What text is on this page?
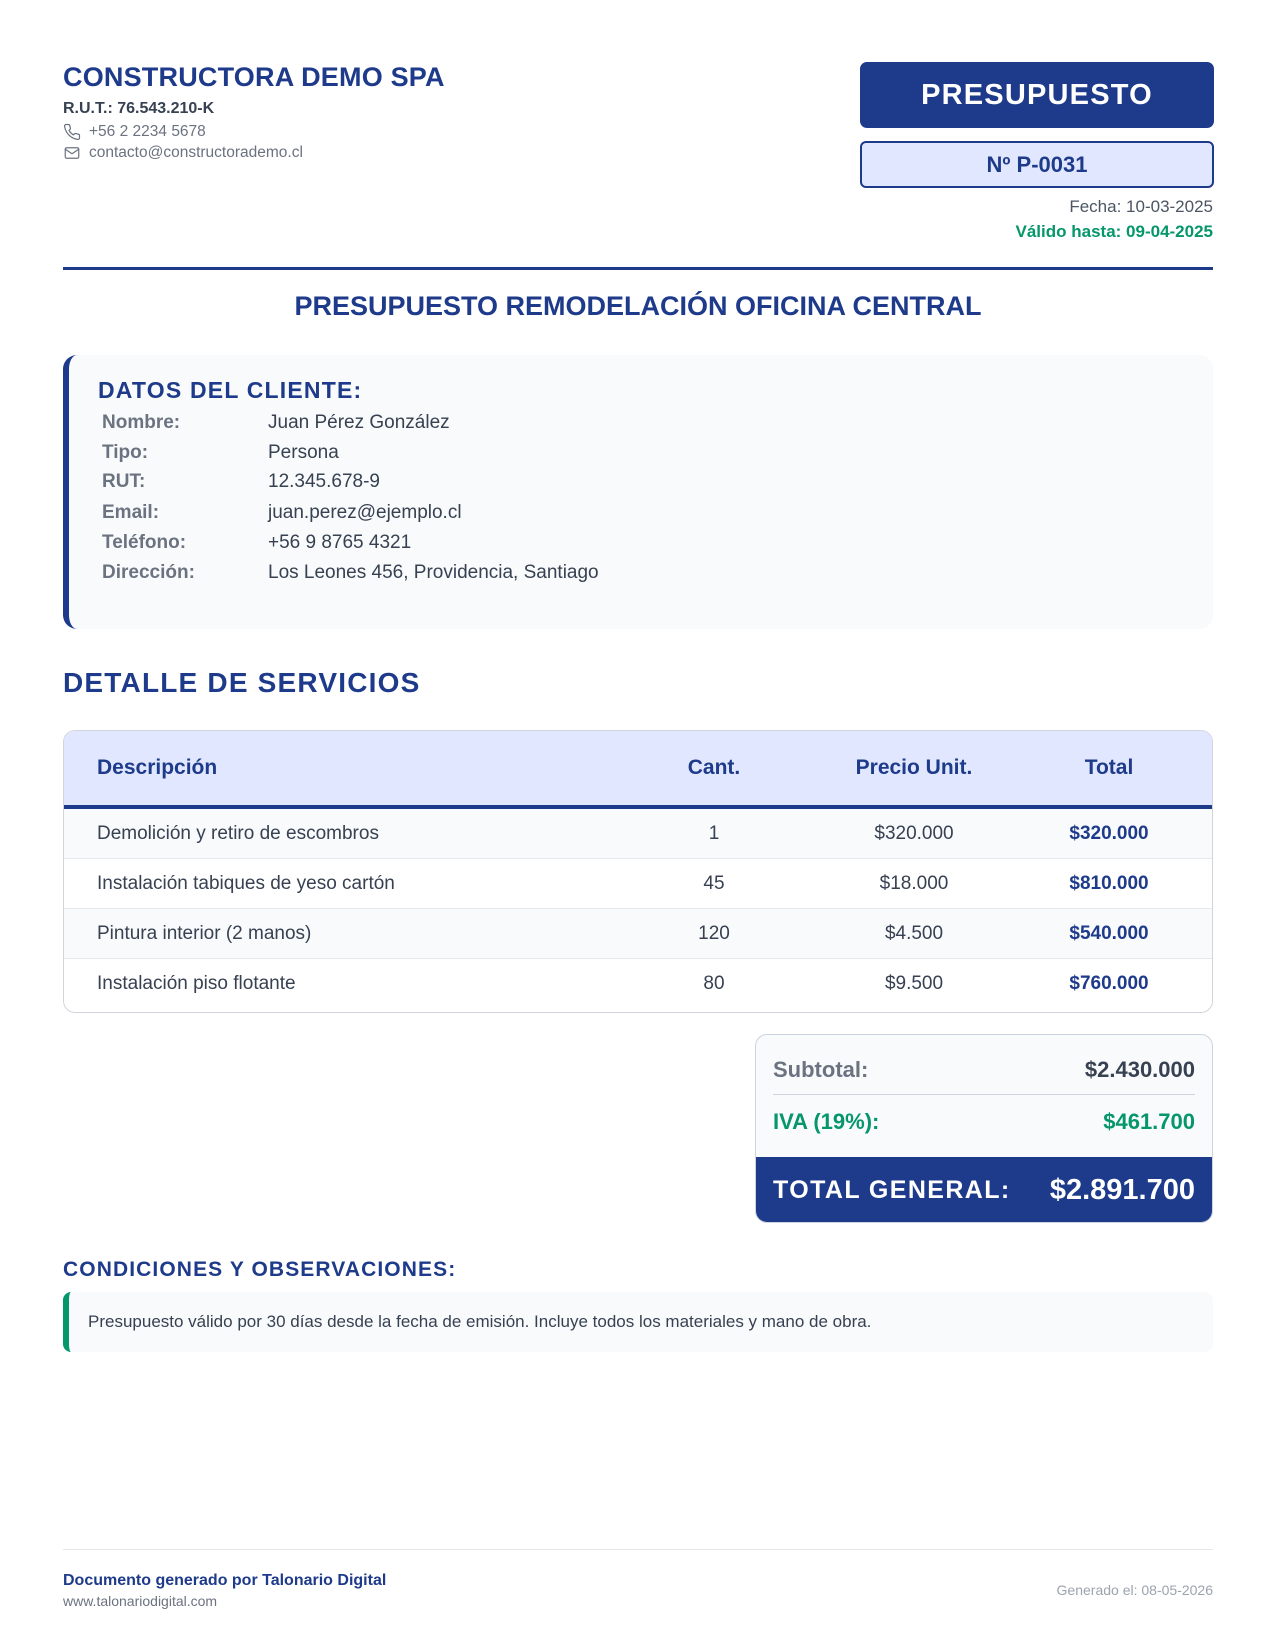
CONSTRUCTORA DEMO SPA
R.U.T.: 76.543.210-K
+56 2 2234 5678
contacto@constructorademo.cl
PRESUPUESTO
Nº P-0031
Fecha: 10-03-2025
Válido hasta: 09-04-2025
PRESUPUESTO REMODELACIÓN OFICINA CENTRAL
DATOS DEL CLIENTE:
Nombre:	Juan Pérez González
Tipo:	Persona
RUT:	12.345.678-9
Email:	juan.perez@ejemplo.cl
Teléfono:	+56 9 8765 4321
Dirección:	Los Leones 456, Providencia, Santiago
DETALLE DE SERVICIOS
Descripción	Cant.	Precio Unit.	Total
Demolición y retiro de escombros	1	$320.000	$320.000
Instalación tabiques de yeso cartón	45	$18.000	$810.000
Pintura interior (2 manos)	120	$4.500	$540.000
Instalación piso flotante	80	$9.500	$760.000
Subtotal:	$2.430.000
IVA (19%):	$461.700
TOTAL GENERAL: $2.891.700
CONDICIONES Y OBSERVACIONES:
Presupuesto válido por 30 días desde la fecha de emisión. Incluye todos los materiales y mano de obra.
Documento generado por Talonario Digital
www.talonariodigital.com
Generado el: 08-05-2026
